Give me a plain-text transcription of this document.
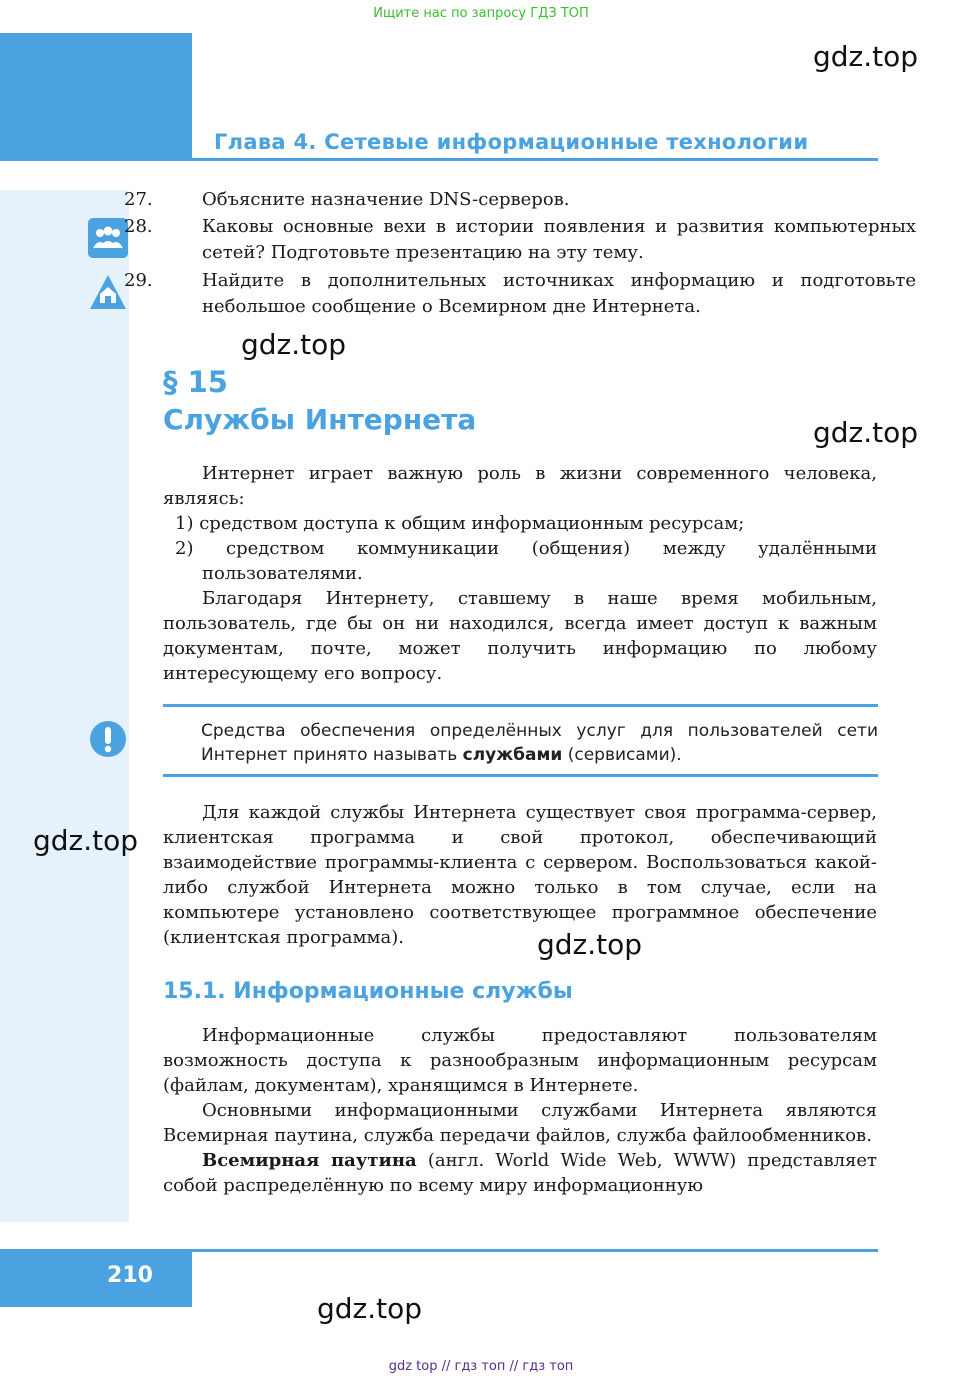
Ищите нас по запросу ГДЗ ТОП
gdz.top
Глава 4. Сетевые информационные технологии
27.	Объясните назначение DNS-серверов.
28.	Каковы основные вехи в истории появления и развития компьютерных сетей? Подготовьте презентацию на эту тему.
29.	Найдите в дополнительных источниках информацию и подготовьте небольшое сообщение о Всемирном дне Интернета.
gdz.top
§ 15
Службы Интернета	gdz.top
Интернет играет важную роль в жизни современного человека, являясь:
1) средством доступа к общим информационным ресурсам;
2) средством коммуникации (общения) между удалёнными пользователями.
Благодаря Интернету, ставшему в наше время мобильным, пользователь, где бы он ни находился, всегда имеет доступ к важным документам, почте, может получить информацию по любому интересующему его вопросу.
Средства обеспечения определённых услуг для пользователей сети Интернет принято называть службами (сервисами).
Для каждой службы Интернета существует своя программа-сервер, клиентская программа и свой протокол, обеспечивающий взаимодействие программы-клиента с сервером. Воспользоваться какой-либо службой Интернета можно только в том случае, если на компьютере установлено соответствующее программное обеспечение (клиентская программа).
gdz.top
gdz.top
15.1. Информационные службы
Информационные службы предоставляют пользователям возможность доступа к разнообразным информационным ресурсам (файлам, документам), хранящимся в Интернете.
Основными информационными службами Интернета являются Всемирная паутина, служба передачи файлов, служба файлообменников.
Всемирная паутина (англ. World Wide Web, WWW) представляет собой распределённую по всему миру информационную
210
gdz.top
gdz top // гдз топ // гдз топ
